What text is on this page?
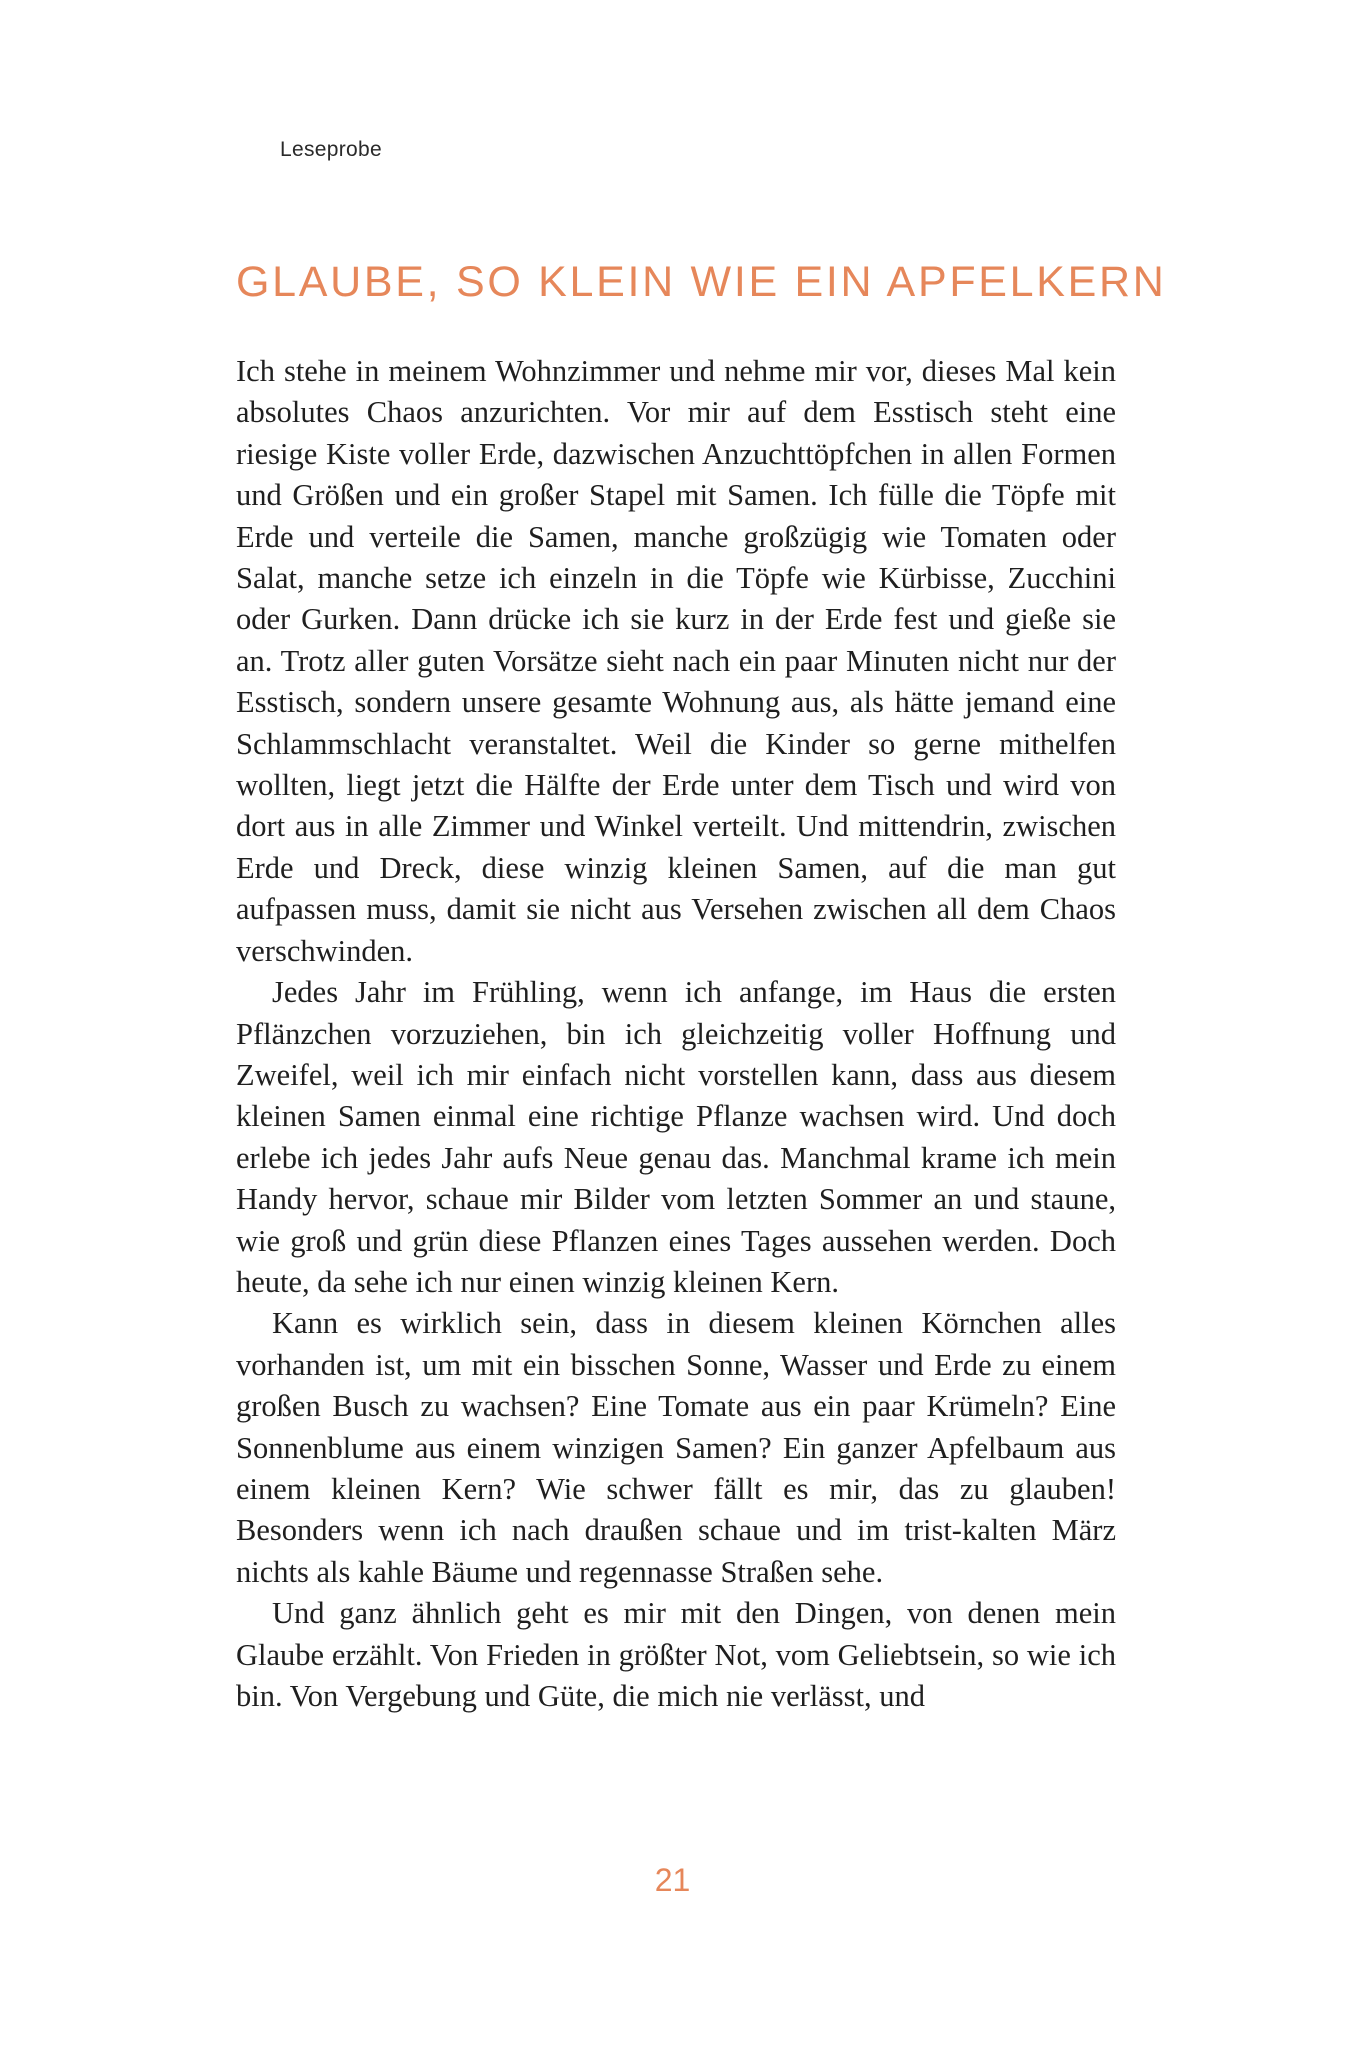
Leseprobe
GLAUBE, SO KLEIN WIE EIN APFELKERN

Ich stehe in meinem Wohnzimmer und nehme mir vor, dieses Mal kein absolutes Chaos anzurichten. Vor mir auf dem Esstisch steht eine riesige Kiste voller Erde, dazwischen Anzuchttöpfchen in allen Formen und Größen und ein großer Stapel mit Samen. Ich fülle die Töpfe mit Erde und verteile die Samen, manche großzügig wie Tomaten oder Salat, manche setze ich einzeln in die Töpfe wie Kürbisse, Zucchini oder Gurken. Dann drücke ich sie kurz in der Erde fest und gieße sie an. Trotz aller guten Vorsätze sieht nach ein paar Minuten nicht nur der Esstisch, sondern unsere gesamte Wohnung aus, als hätte jemand eine Schlammschlacht veranstaltet. Weil die Kinder so gerne mithelfen wollten, liegt jetzt die Hälfte der Erde unter dem Tisch und wird von dort aus in alle Zimmer und Winkel verteilt. Und mittendrin, zwischen Erde und Dreck, diese winzig kleinen Samen, auf die man gut aufpassen muss, damit sie nicht aus Versehen zwischen all dem Chaos verschwinden.

Jedes Jahr im Frühling, wenn ich anfange, im Haus die ersten Pflänzchen vorzuziehen, bin ich gleichzeitig voller Hoffnung und Zweifel, weil ich mir einfach nicht vorstellen kann, dass aus diesem kleinen Samen einmal eine richtige Pflanze wachsen wird. Und doch erlebe ich jedes Jahr aufs Neue genau das. Manchmal krame ich mein Handy hervor, schaue mir Bilder vom letzten Sommer an und staune, wie groß und grün diese Pflanzen eines Tages aussehen werden. Doch heute, da sehe ich nur einen winzig kleinen Kern.

Kann es wirklich sein, dass in diesem kleinen Körnchen alles vorhanden ist, um mit ein bisschen Sonne, Wasser und Erde zu einem großen Busch zu wachsen? Eine Tomate aus ein paar Krümeln? Eine Sonnenblume aus einem winzigen Samen? Ein ganzer Apfelbaum aus einem kleinen Kern? Wie schwer fällt es mir, das zu glauben! Besonders wenn ich nach draußen schaue und im trist-kalten März nichts als kahle Bäume und regennasse Straßen sehe.

Und ganz ähnlich geht es mir mit den Dingen, von denen mein Glaube erzählt. Von Frieden in größter Not, vom Geliebtsein, so wie ich bin. Von Vergebung und Güte, die mich nie verlässt, und

21
